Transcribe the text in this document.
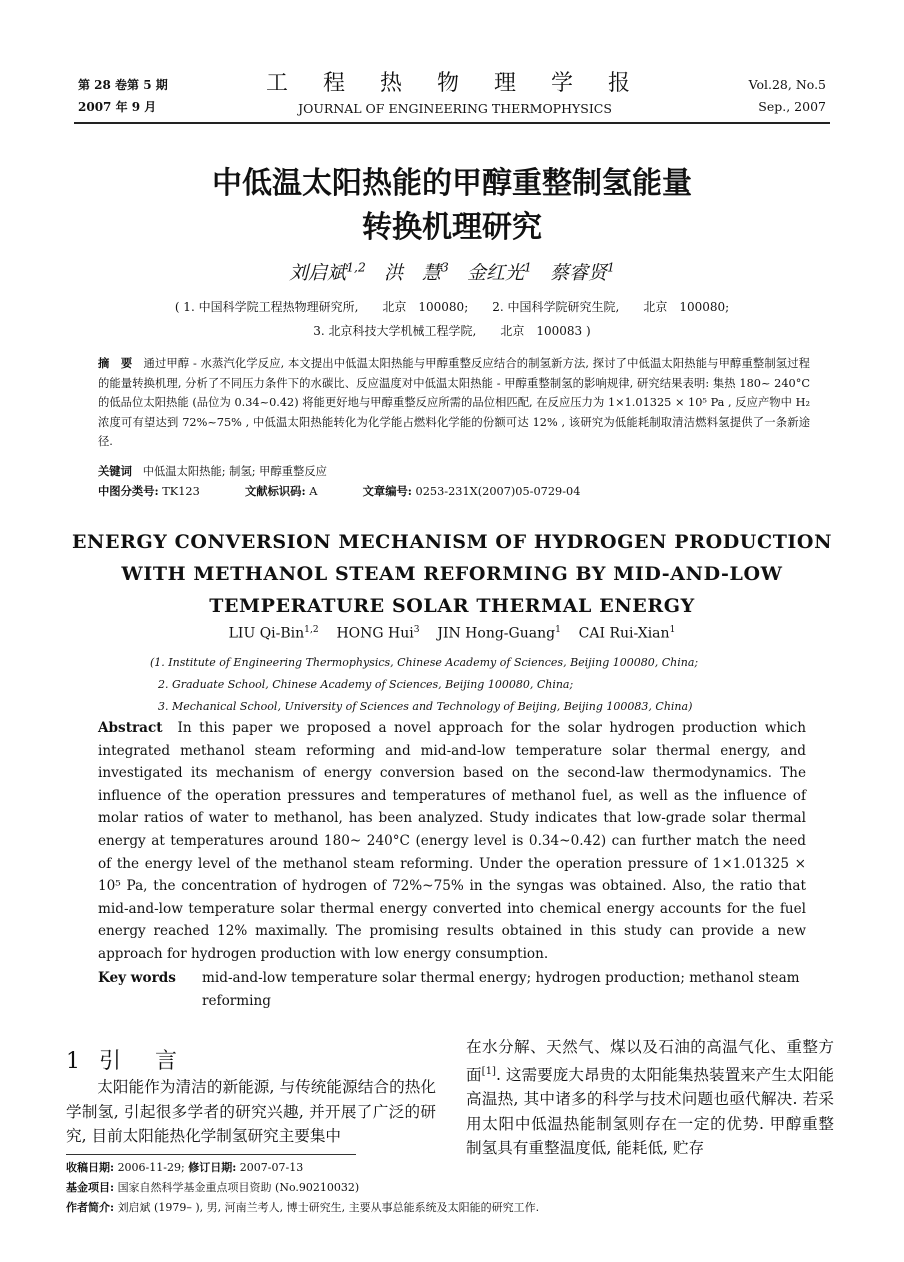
第 28 卷第 5 期
2007 年 9 月
工 程 热 物 理 学 报
JOURNAL OF ENGINEERING THERMOPHYSICS
Vol.28, No.5
Sep., 2007
中低温太阳热能的甲醇重整制氢能量
转换机理研究
刘启斌$^{1,2}$ 洪　慧$^3$ 金红光$^1$ 蔡睿贤$^1$
( 1. 中国科学院工程热物理研究所,　　北京　100080;　　2. 中国科学院研究生院,　　北京　100080;
3. 北京科技大学机械工程学院,　　北京　100083 )
摘　要 通过甲醇 - 水蒸汽化学反应, 本文提出中低温太阳热能与甲醇重整反应结合的制氢新方法, 探讨了中低温太阳热能与甲醇重整制氢过程的能量转换机理, 分析了不同压力条件下的水碳比、反应温度对中低温太阳热能 - 甲醇重整制氢的影响规律, 研究结果表明: 集热 180~ 240°C 的低品位太阳热能 (品位为 0.34~0.42) 将能更好地与甲醇重整反应所需的品位相匹配, 在反应压力为 1×1.01325 × 10⁵ Pa , 反应产物中 H₂ 浓度可有望达到 72%~75% , 中低温太阳热能转化为化学能占燃料化学能的份额可达 12% , 该研究为低能耗制取清洁燃料氢提供了一条新途径.
关键词 中低温太阳热能; 制氢; 甲醇重整反应
中图分类号: TK123	文献标识码: A	文章编号: 0253-231X(2007)05-0729-04
ENERGY CONVERSION MECHANISM OF HYDROGEN PRODUCTION
WITH METHANOL STEAM REFORMING BY MID-AND-LOW
TEMPERATURE SOLAR THERMAL ENERGY
LIU Qi-Bin$^{1,2}$ HONG Hui$^3$ JIN Hong-Guang$^1$ CAI Rui-Xian$^1$
(1. Institute of Engineering Thermophysics, Chinese Academy of Sciences, Beijing 100080, China;
2. Graduate School, Chinese Academy of Sciences, Beijing 100080, China;
3. Mechanical School, University of Sciences and Technology of Beijing, Beijing 100083, China)
Abstract In this paper we proposed a novel approach for the solar hydrogen production which integrated methanol steam reforming and mid-and-low temperature solar thermal energy, and investigated its mechanism of energy conversion based on the second-law thermodynamics. The influence of the operation pressures and temperatures of methanol fuel, as well as the influence of molar ratios of water to methanol, has been analyzed. Study indicates that low-grade solar thermal energy at temperatures around 180~ 240°C (energy level is 0.34~0.42) can further match the need of the energy level of the methanol steam reforming. Under the operation pressure of 1×1.01325 × 10⁵ Pa, the concentration of hydrogen of 72%~75% in the syngas was obtained. Also, the ratio that mid-and-low temperature solar thermal energy converted into chemical energy accounts for the fuel energy reached 12% maximally. The promising results obtained in this study can provide a new approach for hydrogen production with low energy consumption.
Key words mid-and-low temperature solar thermal energy; hydrogen production; methanol steam reforming
1 引　言
太阳能作为清洁的新能源, 与传统能源结合的热化学制氢, 引起很多学者的研究兴趣, 并开展了广泛的研究, 目前太阳能热化学制氢研究主要集中
在水分解、天然气、煤以及石油的高温气化、重整方面[1]. 这需要庞大昂贵的太阳能集热装置来产生太阳能高温热, 其中诸多的科学与技术问题也亟代解决. 若采用太阳中低温热能制氢则存在一定的优势. 甲醇重整制氢具有重整温度低, 能耗低, 贮存
收稿日期: 2006-11-29; 修订日期: 2007-07-13
基金项目: 国家自然科学基金重点项目资助 (No.90210032)
作者简介: 刘启斌 (1979– ), 男, 河南兰考人, 博士研究生, 主要从事总能系统及太阳能的研究工作.
